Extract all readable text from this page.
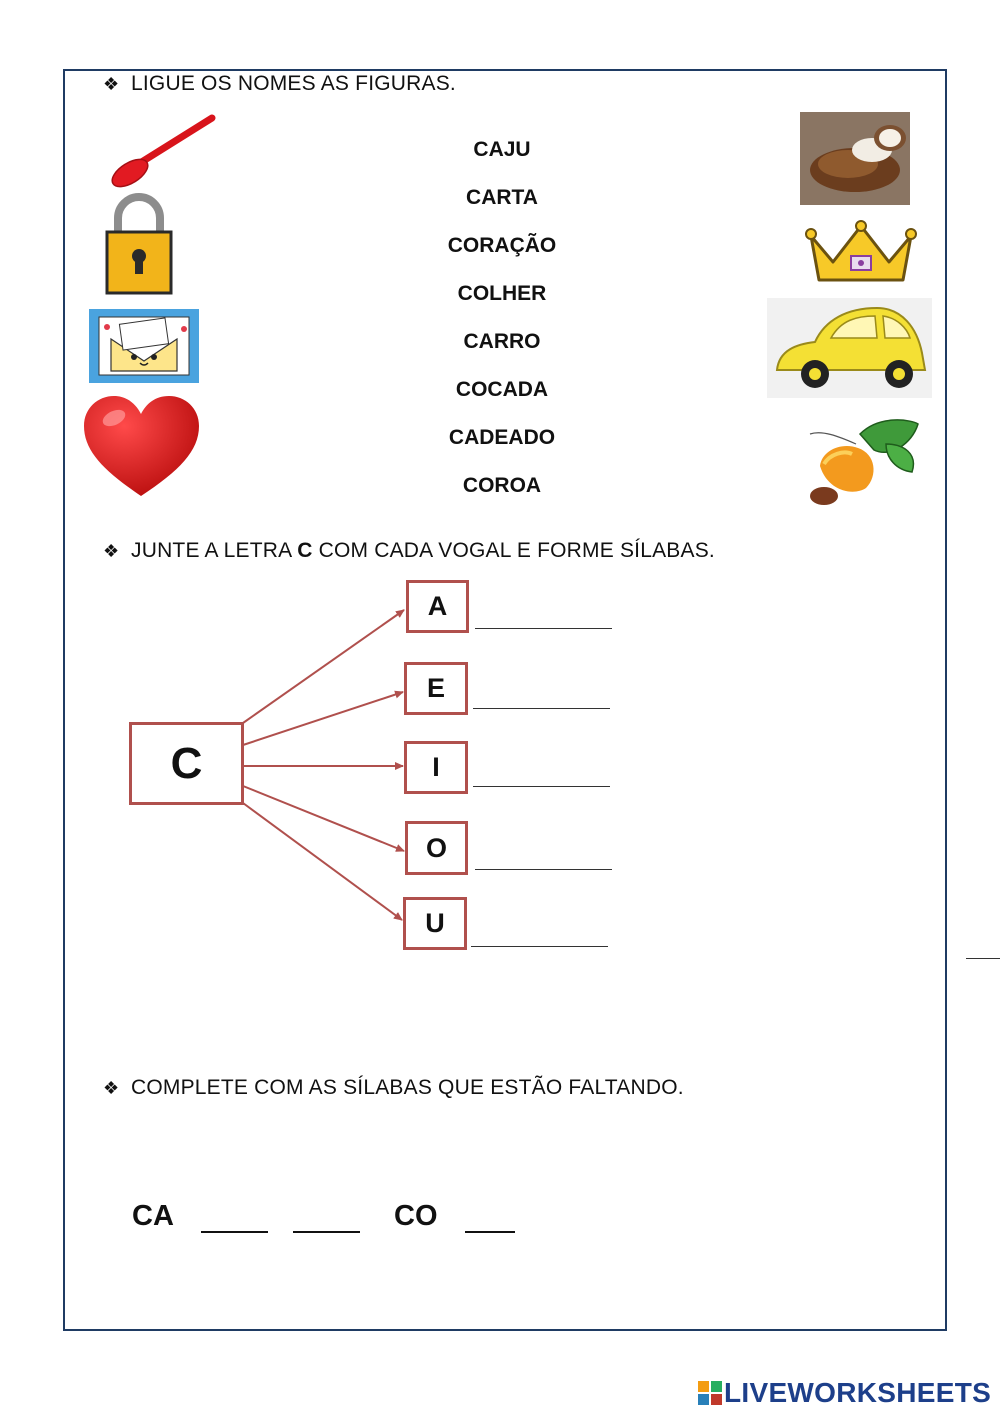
❖ LIGUE OS NOMES AS FIGURAS.
CAJU
CARTA
CORAÇÃO
COLHER
CARRO
COCADA
CADEADO
COROA
❖ JUNTE A LETRA C COM CADA VOGAL E FORME SÍLABAS.
C
A
E
I
O
U
❖ COMPLETE COM AS SÍLABAS QUE ESTÃO FALTANDO.
CA	CO
LIVEWORKSHEETS
